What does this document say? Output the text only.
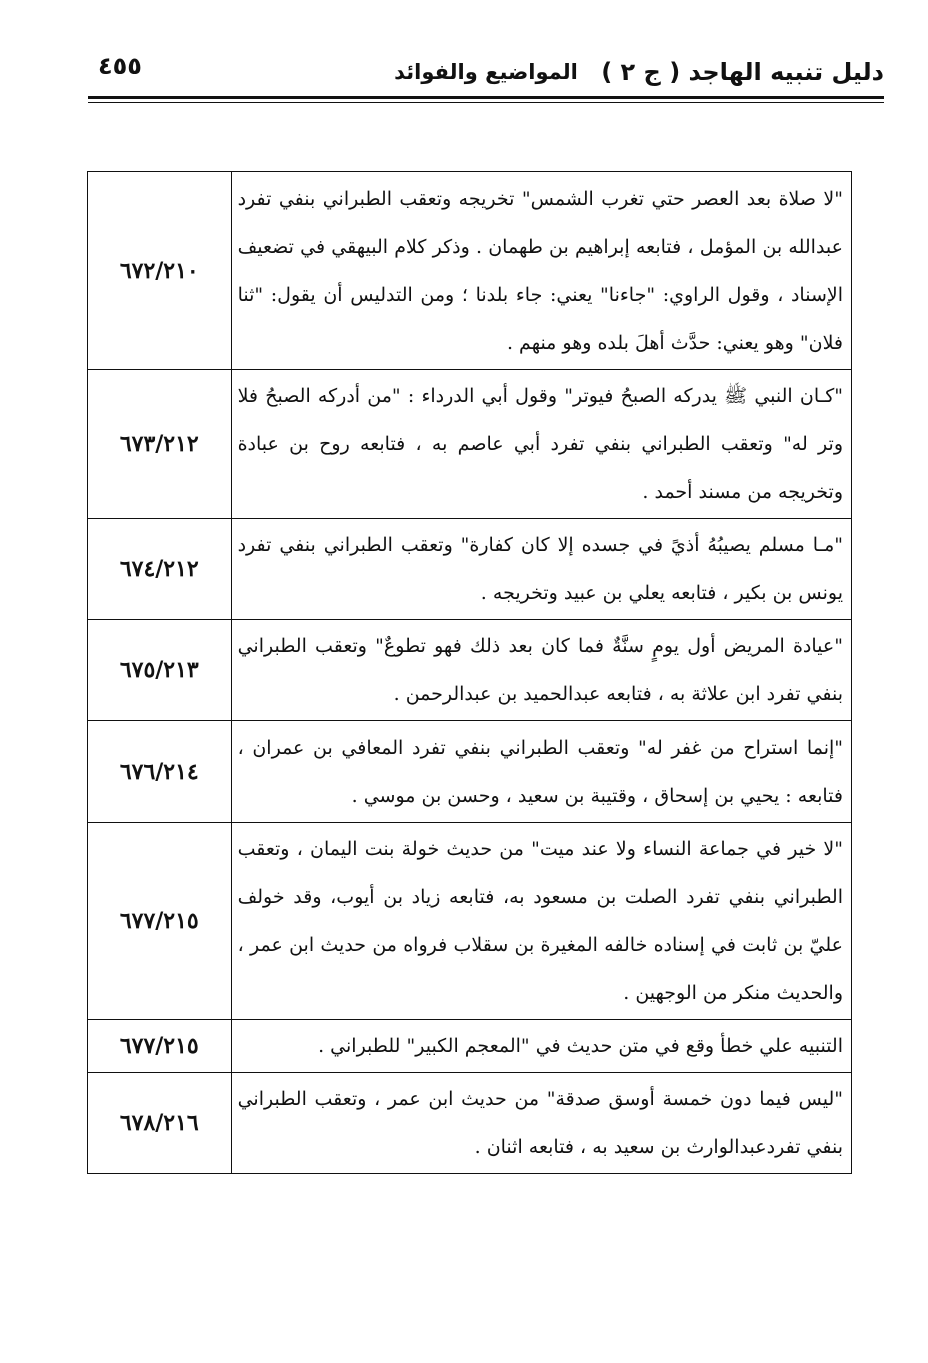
دليل تنبيه الهاجد ( ج ٢ )
المواضيع والفوائد
٤٥٥
"لا صلاة بعد العصر حتي تغرب الشمس" تخريجه وتعقب الطبراني بنفي تفرد عبدالله بن المؤمل ، فتابعه إبراهيم بن طهمان . وذكر كلام البيهقي في تضعيف الإسناد ، وقول الراوي: "جاءنا" يعني: جاء بلدنا ؛ ومن التدليس أن يقول: "ثنا فلان" وهو يعني: حدَّث أهلَ بلده وهو منهم .	٦٧٢/٢١٠
"كـان النبي ﷺ يدركه الصبحُ فيوتر" وقول أبي الدرداء : "من أدركه الصبحُ فلا وتر له" وتعقب الطبراني بنفي تفرد أبي عاصم به ، فتابعه روح بن عبادة وتخريجه من مسند أحمد .	٦٧٣/٢١٢
"مـا مسلم يصيبُهُ أذيً في جسده إلا كان كفارة" وتعقب الطبراني بنفي تفرد يونس بن بكير ، فتابعه يعلي بن عبيد وتخريجه .	٦٧٤/٢١٢
"عيادة المريض أول يومٍ سنَّةٌ فما كان بعد ذلك فهو تطوعٌ" وتعقب الطبراني بنفي تفرد ابن علاثة به ، فتابعه عبدالحميد بن عبدالرحمن .	٦٧٥/٢١٣
"إنما استراح من غفر له" وتعقب الطبراني بنفي تفرد المعافي بن عمران ، فتابعه : يحيي بن إسحاق ، وقتيبة بن سعيد ، وحسن بن موسي .	٦٧٦/٢١٤
"لا خير في جماعة النساء ولا عند ميت" من حديث خولة بنت اليمان ، وتعقب الطبراني بنفي تفرد الصلت بن مسعود به، فتابعه زياد بن أيوب، وقد خولف عليّ بن ثابت في إسناده خالفه المغيرة بن سقلاب فرواه من حديث ابن عمر ، والحديث منكر من الوجهين .	٦٧٧/٢١٥
التنبيه علي خطأ وقع في متن حديث في "المعجم الكبير" للطبراني .	٦٧٧/٢١٥
"ليس فيما دون خمسة أوسق صدقة" من حديث ابن عمر ، وتعقب الطبراني بنفي تفردعبدالوارث بن سعيد به ، فتابعه اثنان .	٦٧٨/٢١٦
